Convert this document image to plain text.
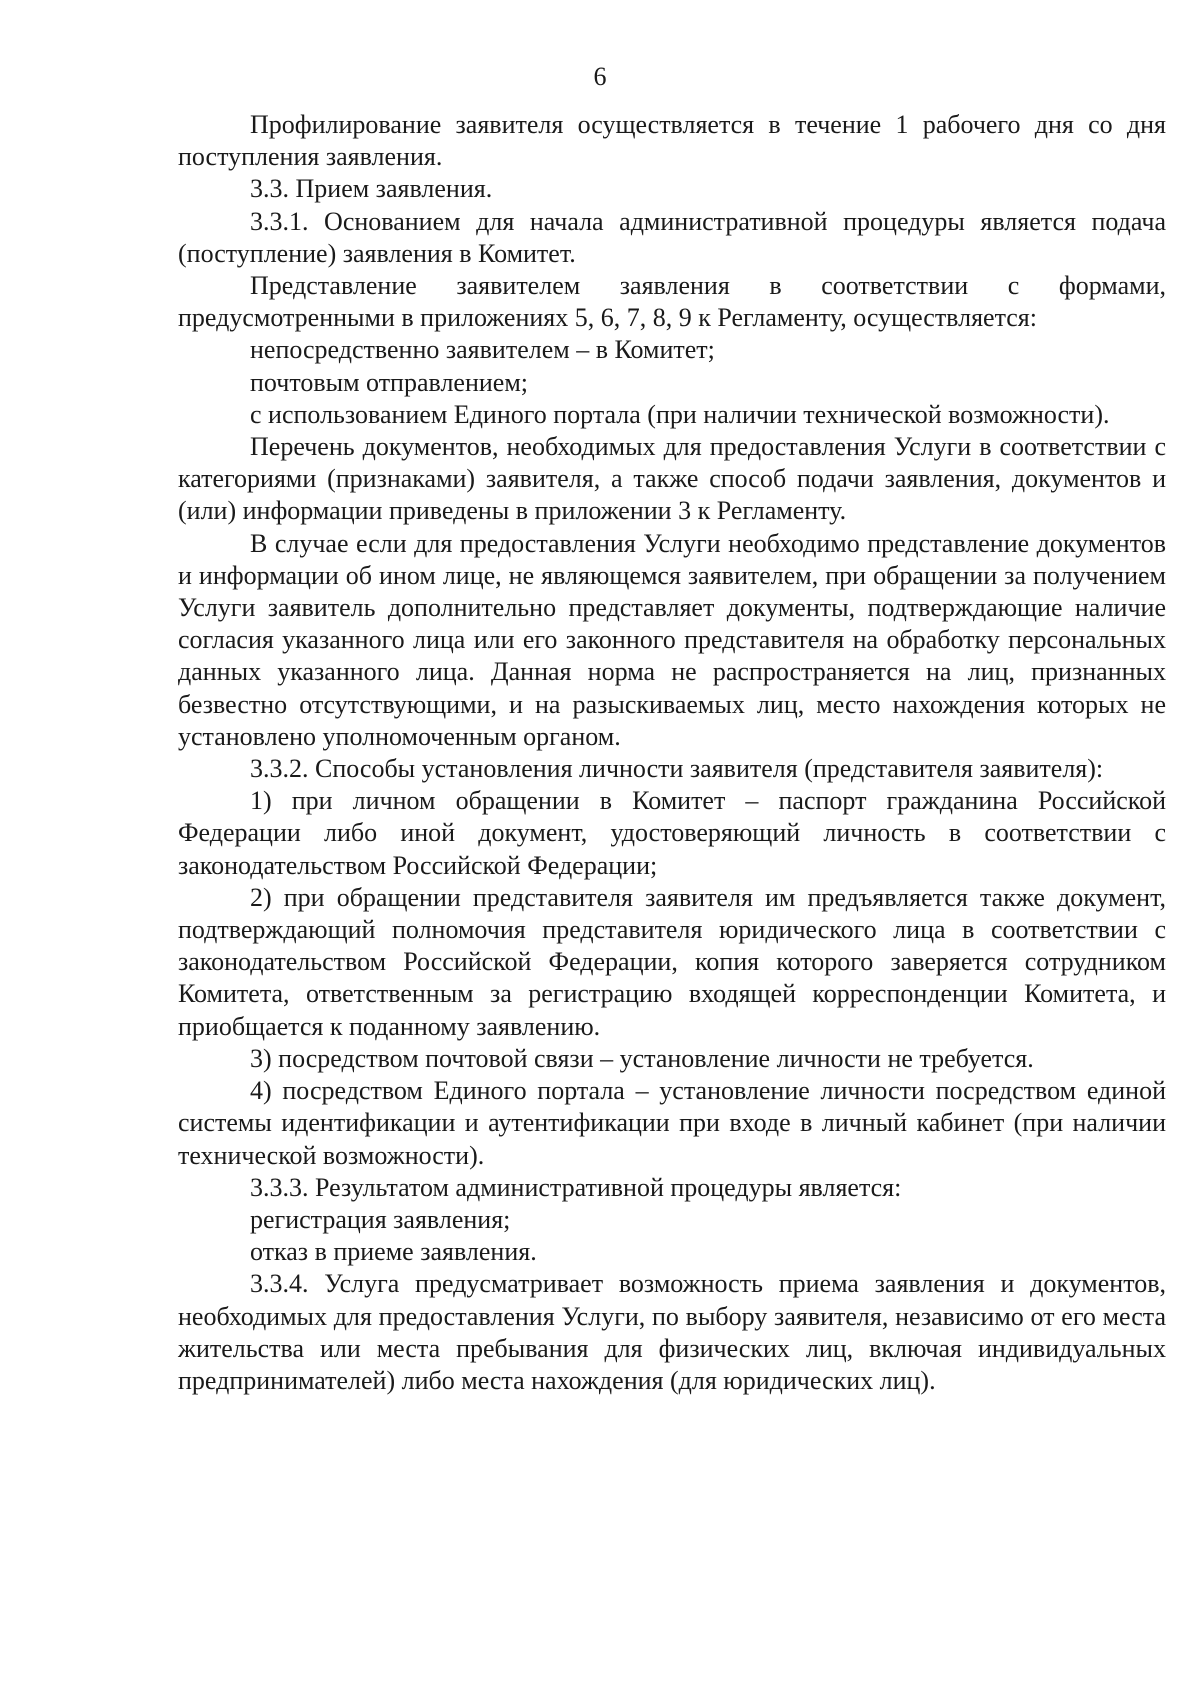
6

Профилирование заявителя осуществляется в течение 1 рабочего дня со дня поступления заявления.

3.3. Прием заявления.

3.3.1. Основанием для начала административной процедуры является подача (поступление) заявления в Комитет.

Представление заявителем заявления в соответствии с формами, предусмотренными в приложениях 5, 6, 7, 8, 9 к Регламенту, осуществляется:

непосредственно заявителем – в Комитет;

почтовым отправлением;

с использованием Единого портала (при наличии технической возможности).

Перечень документов, необходимых для предоставления Услуги в соответствии с категориями (признаками) заявителя, а также способ подачи заявления, документов и (или) информации приведены в приложении 3 к Регламенту.

В случае если для предоставления Услуги необходимо представление документов и информации об ином лице, не являющемся заявителем, при обращении за получением Услуги заявитель дополнительно представляет документы, подтверждающие наличие согласия указанного лица или его законного представителя на обработку персональных данных указанного лица. Данная норма не распространяется на лиц, признанных безвестно отсутствующими, и на разыскиваемых лиц, место нахождения которых не установлено уполномоченным органом.

3.3.2. Способы установления личности заявителя (представителя заявителя):

1) при личном обращении в Комитет – паспорт гражданина Российской Федерации либо иной документ, удостоверяющий личность в соответствии с законодательством Российской Федерации;

2) при обращении представителя заявителя им предъявляется также документ, подтверждающий полномочия представителя юридического лица в соответствии с законодательством Российской Федерации, копия которого заверяется сотрудником Комитета, ответственным за регистрацию входящей корреспонденции Комитета, и приобщается к поданному заявлению.

3) посредством почтовой связи – установление личности не требуется.

4) посредством Единого портала – установление личности посредством единой системы идентификации и аутентификации при входе в личный кабинет (при наличии технической возможности).

3.3.3. Результатом административной процедуры является:

регистрация заявления;

отказ в приеме заявления.

3.3.4. Услуга предусматривает возможность приема заявления и документов, необходимых для предоставления Услуги, по выбору заявителя, независимо от его места жительства или места пребывания для физических лиц, включая индивидуальных предпринимателей) либо места нахождения (для юридических лиц).
